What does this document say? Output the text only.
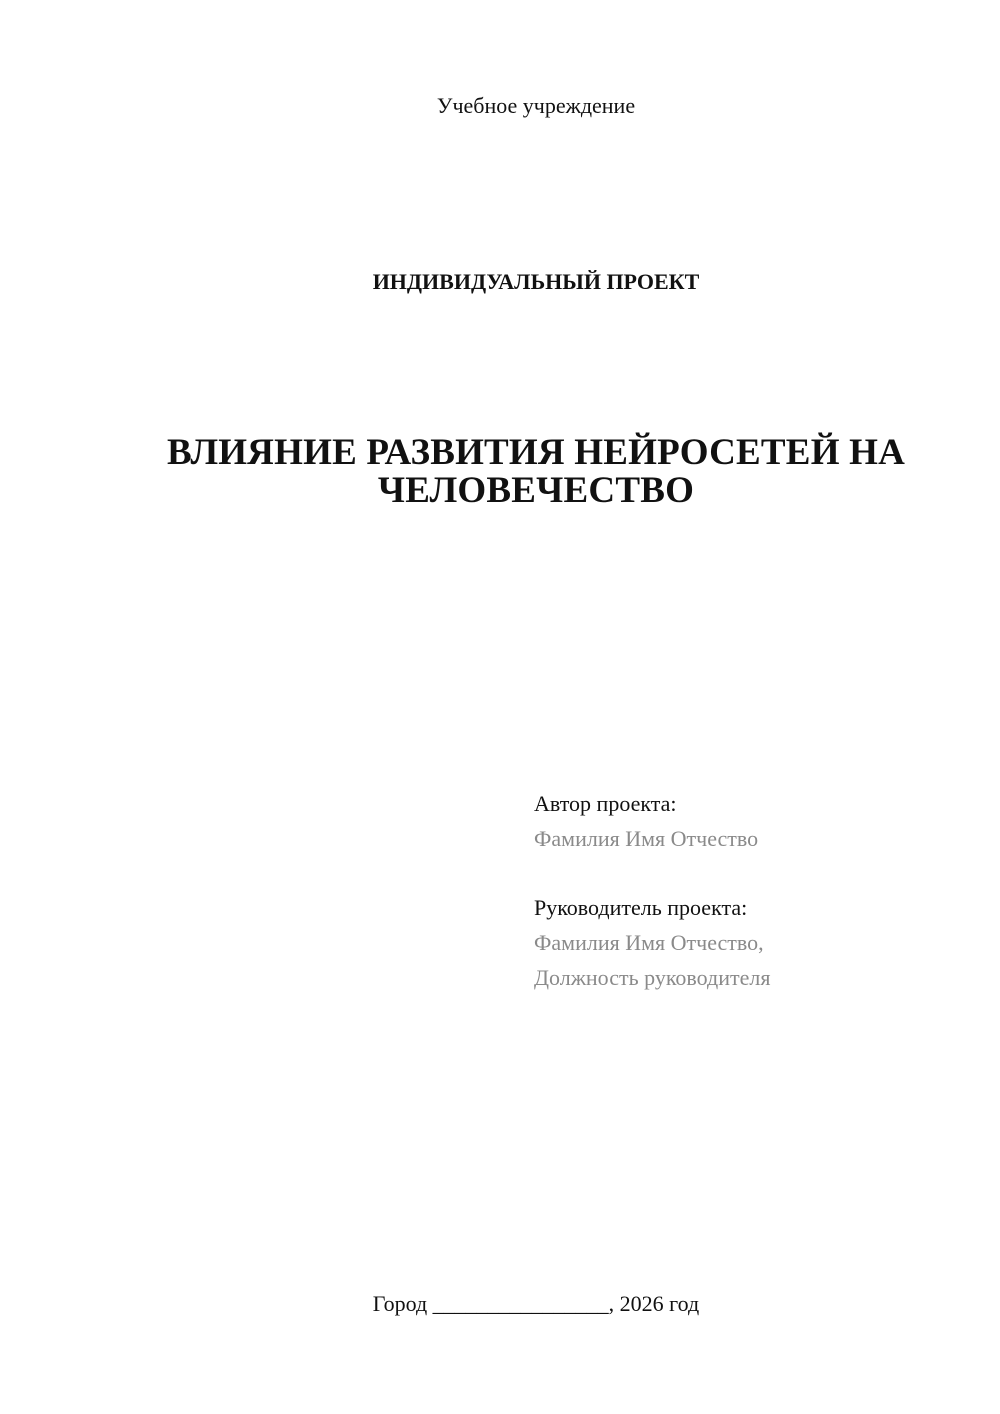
Учебное учреждение
ИНДИВИДУАЛЬНЫЙ ПРОЕКТ
ВЛИЯНИЕ РАЗВИТИЯ НЕЙРОСЕТЕЙ НА
ЧЕЛОВЕЧЕСТВО
Автор проекта:
Фамилия Имя Отчество
Руководитель проекта:
Фамилия Имя Отчество,
Должность руководителя
Город ________________, 2026 год
